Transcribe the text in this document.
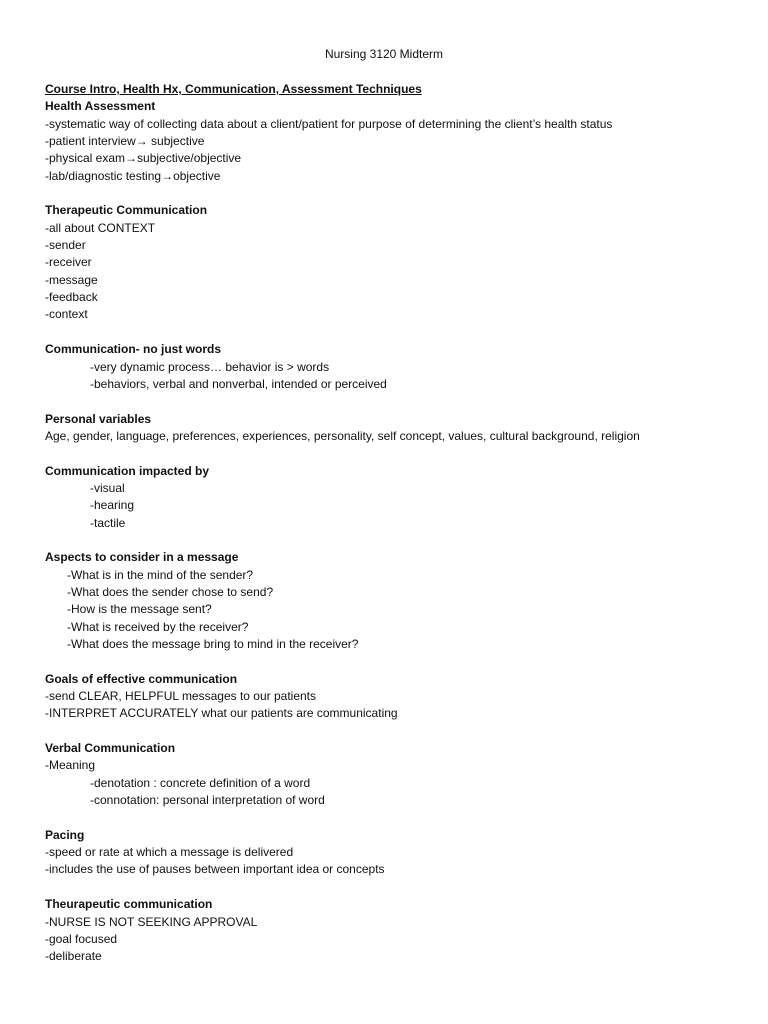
Nursing 3120 Midterm
Course Intro, Health Hx, Communication, Assessment Techniques
Health Assessment
-systematic way of collecting data about a client/patient for purpose of determining the client’s health status
-patient interview→ subjective
-physical exam→subjective/objective
-lab/diagnostic testing→objective
Therapeutic Communication
-all about CONTEXT
-sender
-receiver
-message
-feedback
-context
Communication- no just words
-very dynamic process… behavior is > words
-behaviors, verbal and nonverbal, intended or perceived
Personal variables
Age, gender, language, preferences, experiences, personality, self concept, values, cultural background, religion
Communication impacted by
-visual
-hearing
-tactile
Aspects to consider in a message
-What is in the mind of the sender?
-What does the sender chose to send?
-How is the message sent?
-What is received by the receiver?
-What does the message bring to mind in the receiver?
Goals of effective communication
-send CLEAR, HELPFUL messages to our patients
-INTERPRET ACCURATELY what our patients are communicating
Verbal Communication
-Meaning
-denotation : concrete definition of a word
-connotation: personal interpretation of word
Pacing
-speed or rate at which a message is delivered
-includes the use of pauses between important idea or concepts
Theurapeutic communication
-NURSE IS NOT SEEKING APPROVAL
-goal focused
-deliberate
